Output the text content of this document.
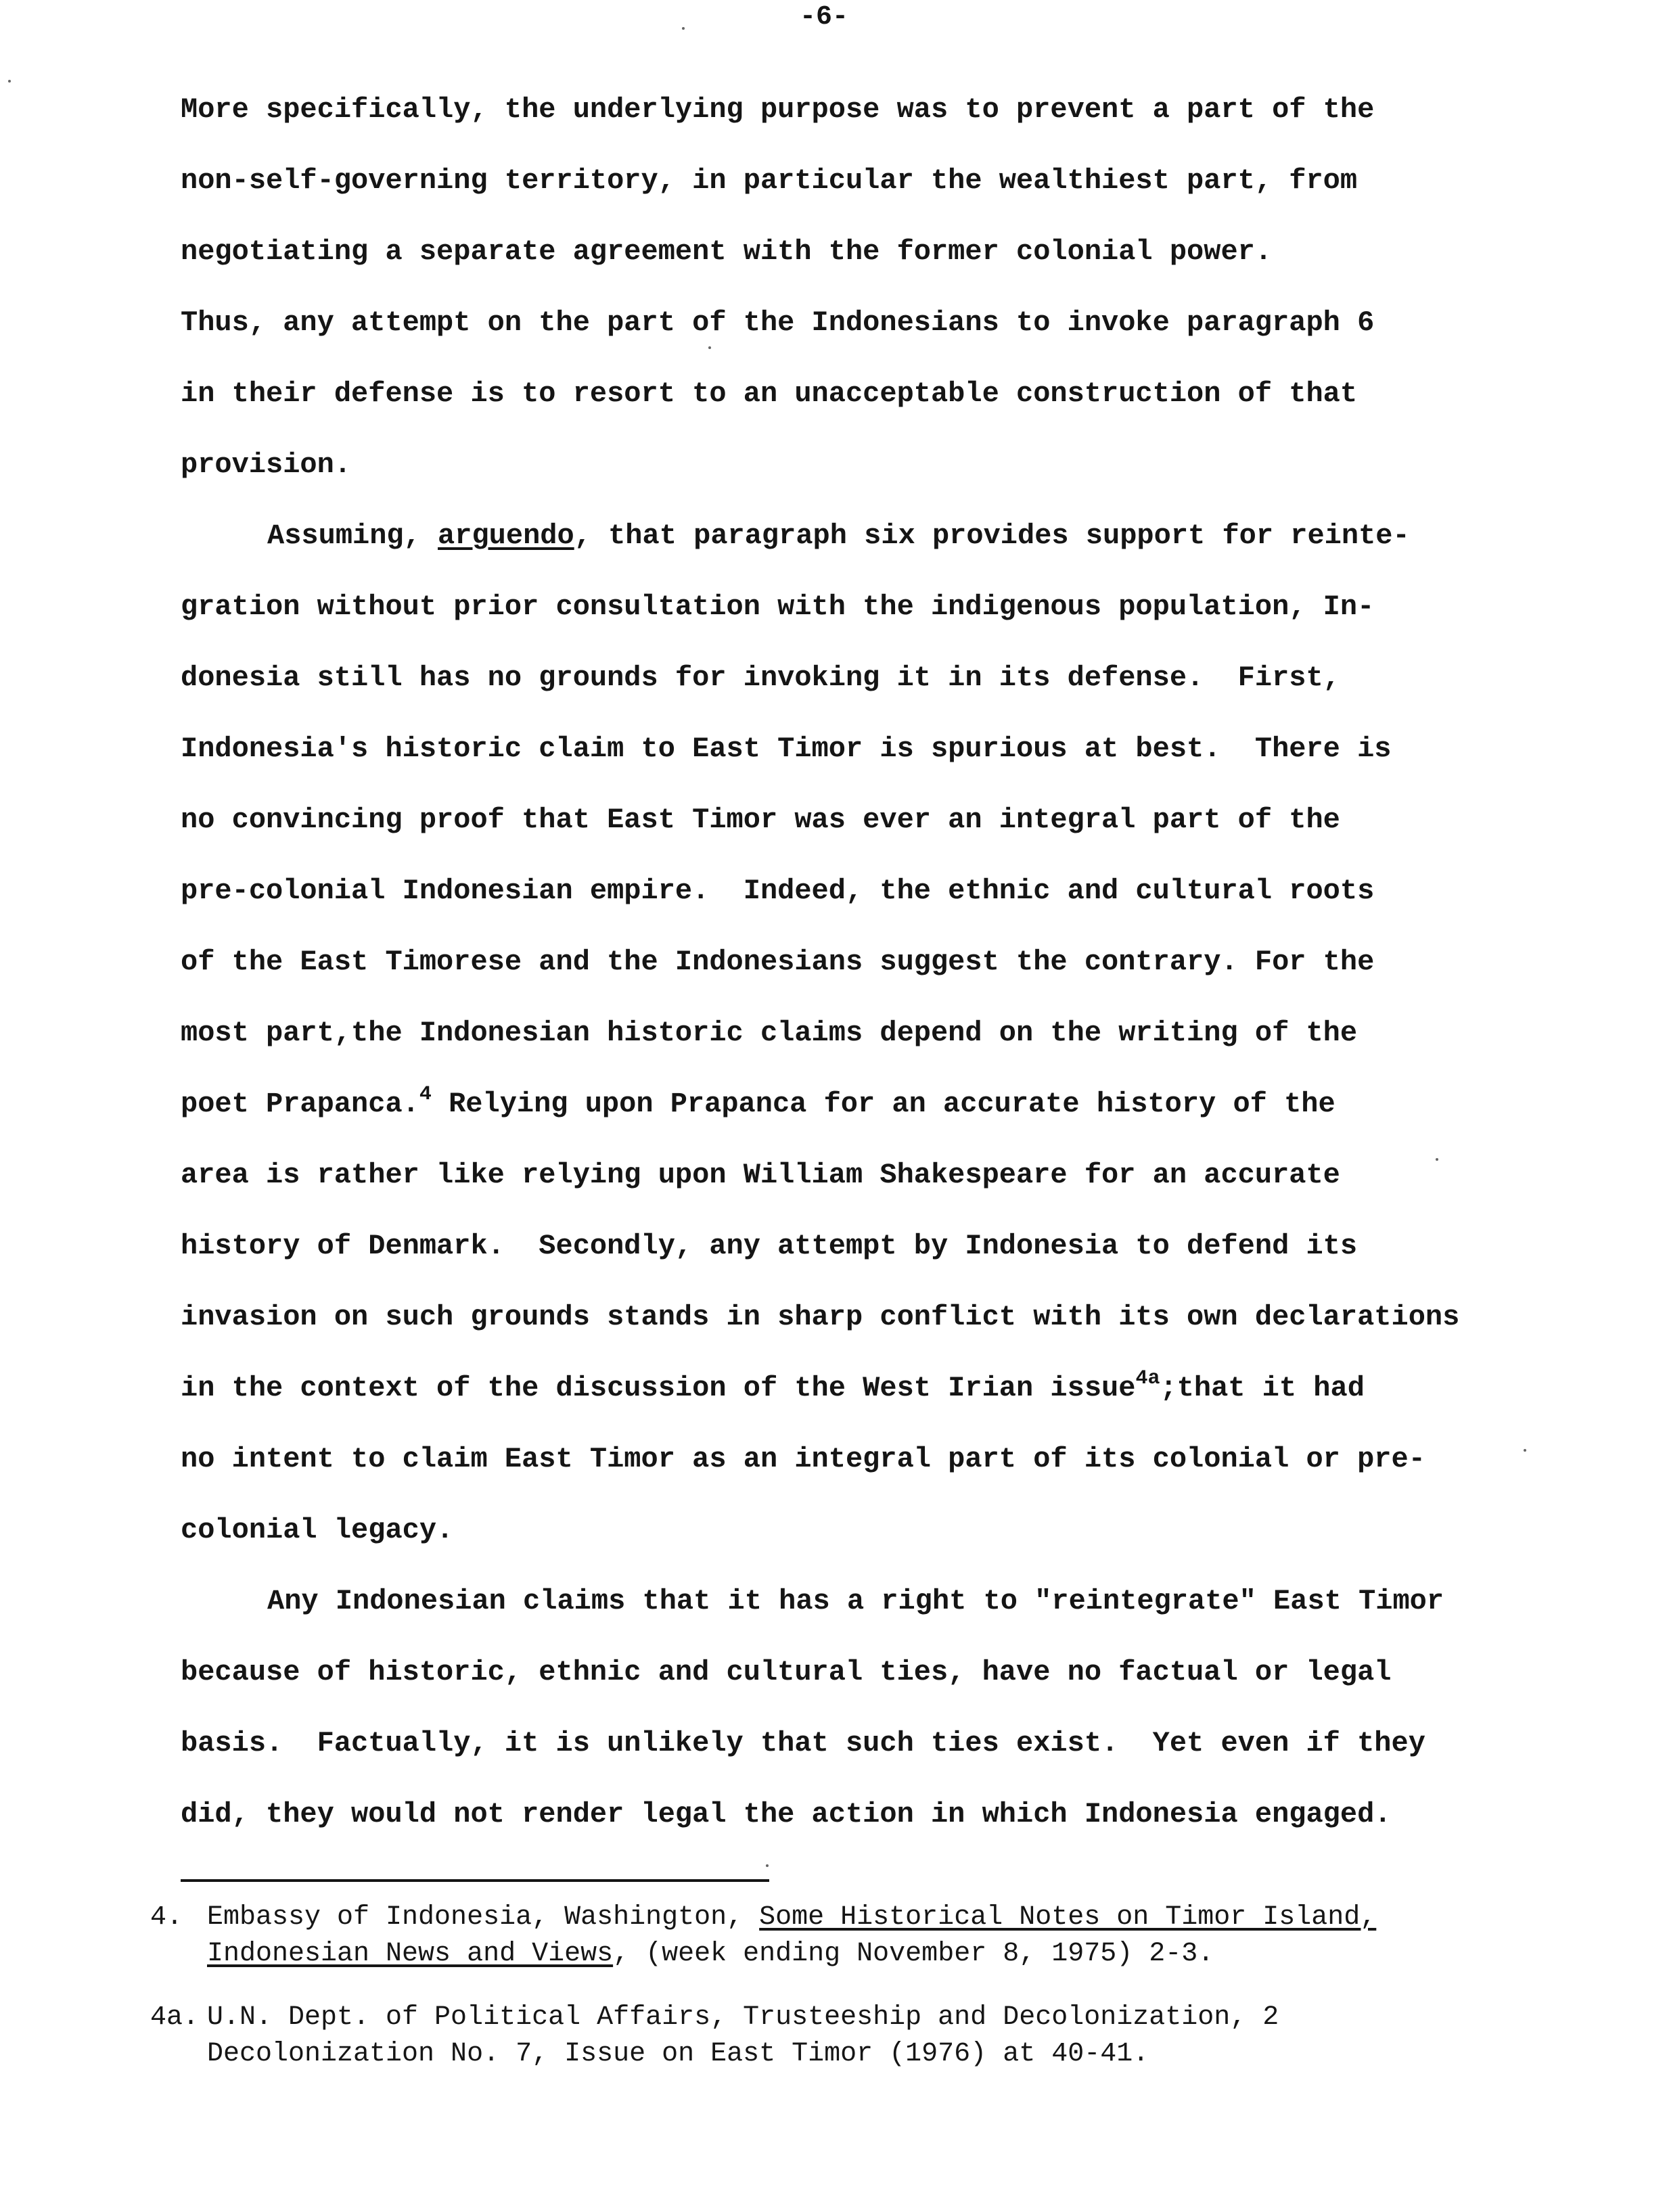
-6-
More specifically, the underlying purpose was to prevent a part of the
non-self-governing territory, in particular the wealthiest part, from
negotiating a separate agreement with the former colonial power.
Thus, any attempt on the part of the Indonesians to invoke paragraph 6
in their defense is to resort to an unacceptable construction of that
provision.
Assuming, arguendo, that paragraph six provides support for reinte-
gration without prior consultation with the indigenous population, In-
donesia still has no grounds for invoking it in its defense.  First,
Indonesia's historic claim to East Timor is spurious at best.  There is
no convincing proof that East Timor was ever an integral part of the
pre-colonial Indonesian empire.  Indeed, the ethnic and cultural roots
of the East Timorese and the Indonesians suggest the contrary. For the
most part,the Indonesian historic claims depend on the writing of the
poet Prapanca.$^4$ Relying upon Prapanca for an accurate history of the
area is rather like relying upon William Shakespeare for an accurate
history of Denmark.  Secondly, any attempt by Indonesia to defend its
invasion on such grounds stands in sharp conflict with its own declarations
in the context of the discussion of the West Irian issue$^{4a}$;that it had
no intent to claim East Timor as an integral part of its colonial or pre-
colonial legacy.
Any Indonesian claims that it has a right to "reintegrate" East Timor
because of historic, ethnic and cultural ties, have no factual or legal
basis.  Factually, it is unlikely that such ties exist.  Yet even if they
did, they would not render legal the action in which Indonesia engaged.
4. Embassy of Indonesia, Washington, Some Historical Notes on Timor Island,
Indonesian News and Views, (week ending November 8, 1975) 2-3.
4a. U.N. Dept. of Political Affairs, Trusteeship and Decolonization, 2
Decolonization No. 7, Issue on East Timor (1976) at 40-41.
